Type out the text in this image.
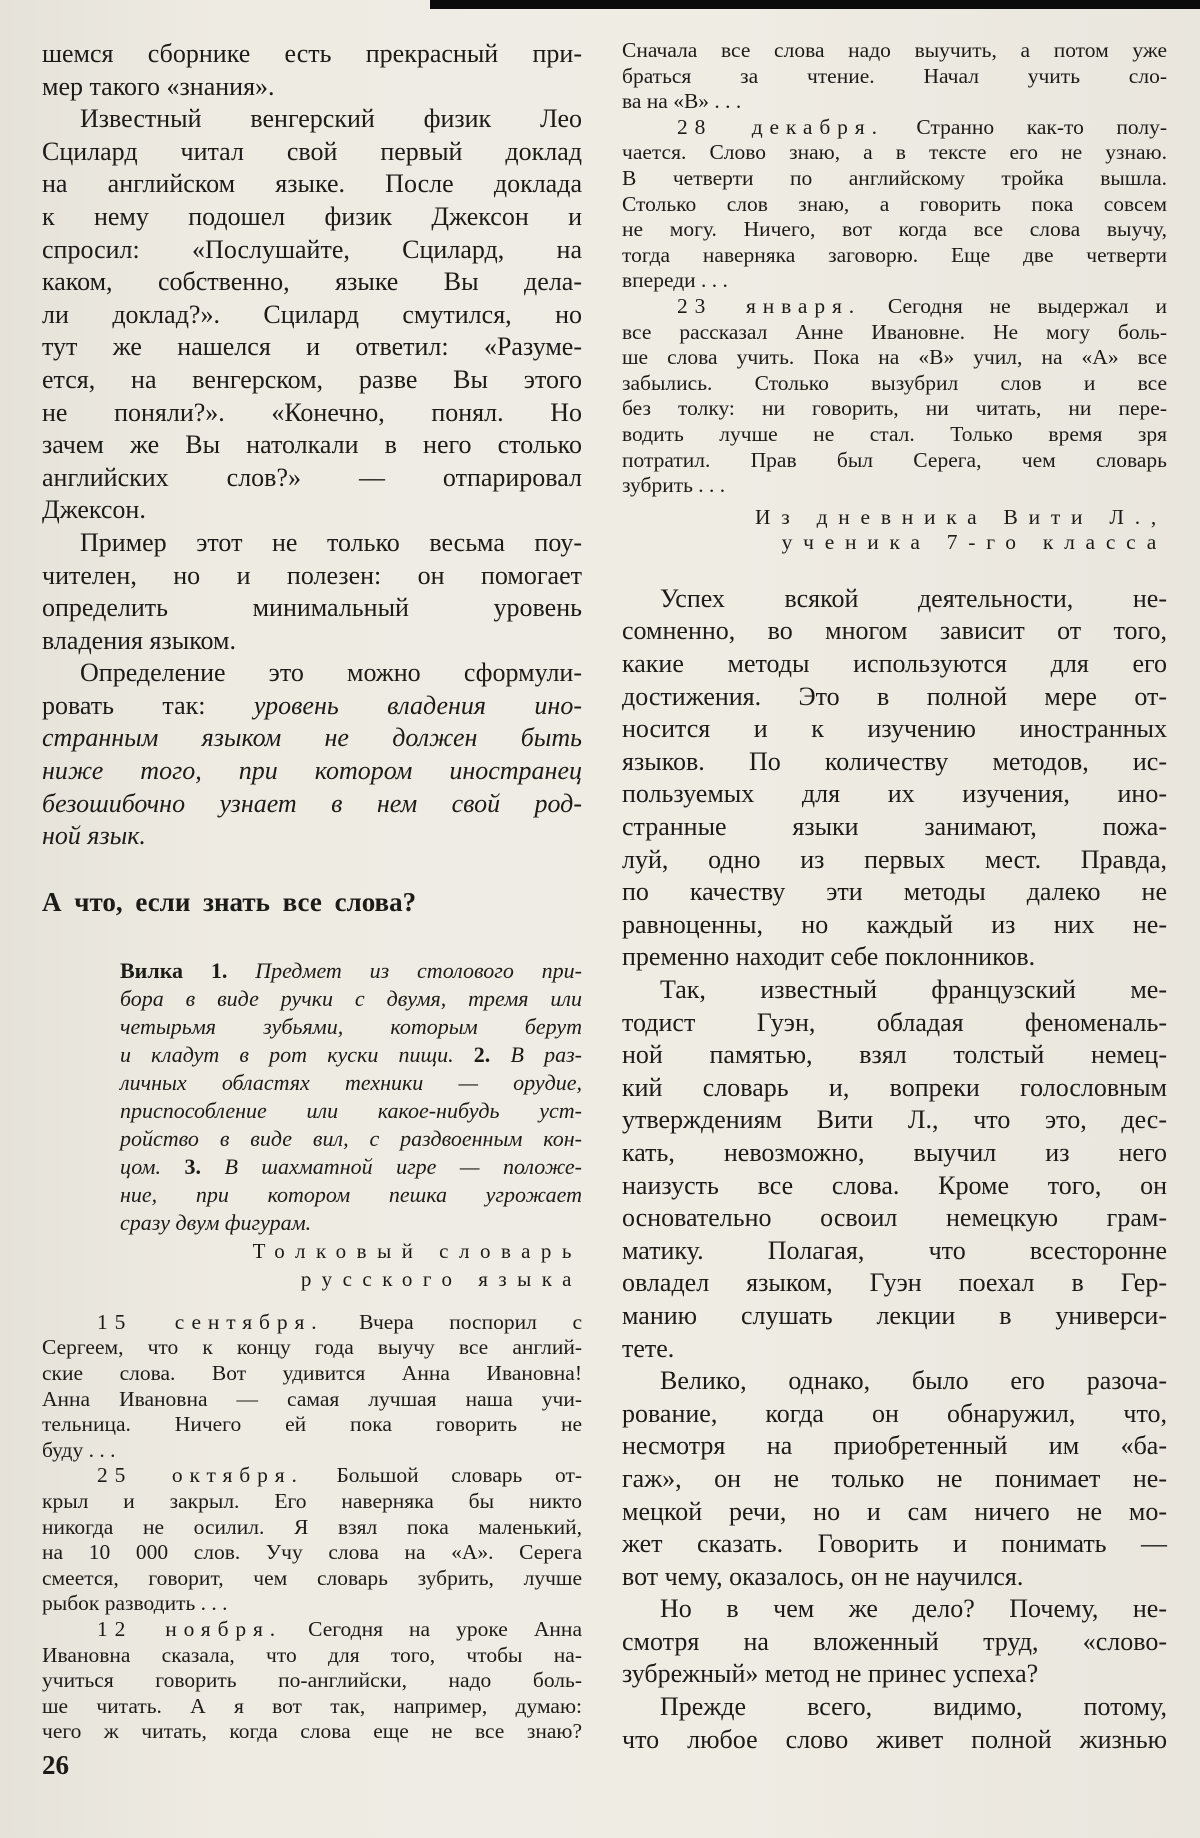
шемся сборнике есть прекрасный при-
мер такого «знания».
Известный венгерский физик Лео
Сцилард читал свой первый доклад
на английском языке. После доклада
к нему подошел физик Джексон и
спросил: «Послушайте, Сцилард, на
каком, собственно, языке Вы дела-
ли доклад?». Сцилард смутился, но
тут же нашелся и ответил: «Разуме-
ется, на венгерском, разве Вы этого
не поняли?». «Конечно, понял. Но
зачем же Вы натолкали в него столько
английских слов?» — отпарировал
Джексон.
Пример этот не только весьма поу-
чителен, но и полезен: он помогает
определить минимальный уровень
владения языком.
Определение это можно сформули-
ровать так: уровень владения ино-
странным языком не должен быть
ниже того, при котором иностранец
безошибочно узнает в нем свой род-
ной язык.
А что, если знать все слова?
Вилка 1. Предмет из столового при-
бора в виде ручки с двумя, тремя или
четырьмя зубьями, которым берут
и кладут в рот куски пищи. 2. В раз-
личных областях техники — орудие,
приспособление или какое-нибудь уст-
ройство в виде вил, с раздвоенным кон-
цом. 3. В шахматной игре — положе-
ние, при котором пешка угрожает
сразу двум фигурам.
Толковый словарь
русского языка
15 сентября. Вчера поспорил с
Сергеем, что к концу года выучу все англий-
ские слова. Вот удивится Анна Ивановна!
Анна Ивановна — самая лучшая наша учи-
тельница. Ничего ей пока говорить не
буду . . .
25 октября. Большой словарь от-
крыл и закрыл. Его наверняка бы никто
никогда не осилил. Я взял пока маленький,
на 10 000 слов. Учу слова на «А». Серега
смеется, говорит, чем словарь зубрить, лучше
рыбок разводить . . .
12 ноября. Сегодня на уроке Анна
Ивановна сказала, что для того, чтобы на-
учиться говорить по-английски, надо боль-
ше читать. А я вот так, например, думаю:
чего ж читать, когда слова еще не все знаю?
Сначала все слова надо выучить, а потом уже
браться за чтение. Начал учить сло-
ва на «В» . . .
28 декабря. Странно как-то полу-
чается. Слово знаю, а в тексте его не узнаю.
В четверти по английскому тройка вышла.
Столько слов знаю, а говорить пока совсем
не могу. Ничего, вот когда все слова выучу,
тогда наверняка заговорю. Еще две четверти
впереди . . .
23 января. Сегодня не выдержал и
все рассказал Анне Ивановне. Не могу боль-
ше слова учить. Пока на «В» учил, на «А» все
забылись. Столько вызубрил слов и все
без толку: ни говорить, ни читать, ни пере-
водить лучше не стал. Только время зря
потратил. Прав был Серега, чем словарь
зубрить . . .
Из дневника Вити Л.,
ученика 7-го класса
Успех всякой деятельности, не-
сомненно, во многом зависит от того,
какие методы используются для его
достижения. Это в полной мере от-
носится и к изучению иностранных
языков. По количеству методов, ис-
пользуемых для их изучения, ино-
странные языки занимают, пожа-
луй, одно из первых мест. Правда,
по качеству эти методы далеко не
равноценны, но каждый из них не-
пременно находит себе поклонников.
Так, известный французский ме-
тодист Гуэн, обладая феноменаль-
ной памятью, взял толстый немец-
кий словарь и, вопреки голословным
утверждениям Вити Л., что это, дес-
кать, невозможно, выучил из него
наизусть все слова. Кроме того, он
основательно освоил немецкую грам-
матику. Полагая, что всесторонне
овладел языком, Гуэн поехал в Гер-
манию слушать лекции в универси-
тете.
Велико, однако, было его разоча-
рование, когда он обнаружил, что,
несмотря на приобретенный им «ба-
гаж», он не только не понимает не-
мецкой речи, но и сам ничего не мо-
жет сказать. Говорить и понимать —
вот чему, оказалось, он не научился.
Но в чем же дело? Почему, не-
смотря на вложенный труд, «слово-
зубрежный» метод не принес успеха?
Прежде всего, видимо, потому,
что любое слово живет полной жизнью
26
